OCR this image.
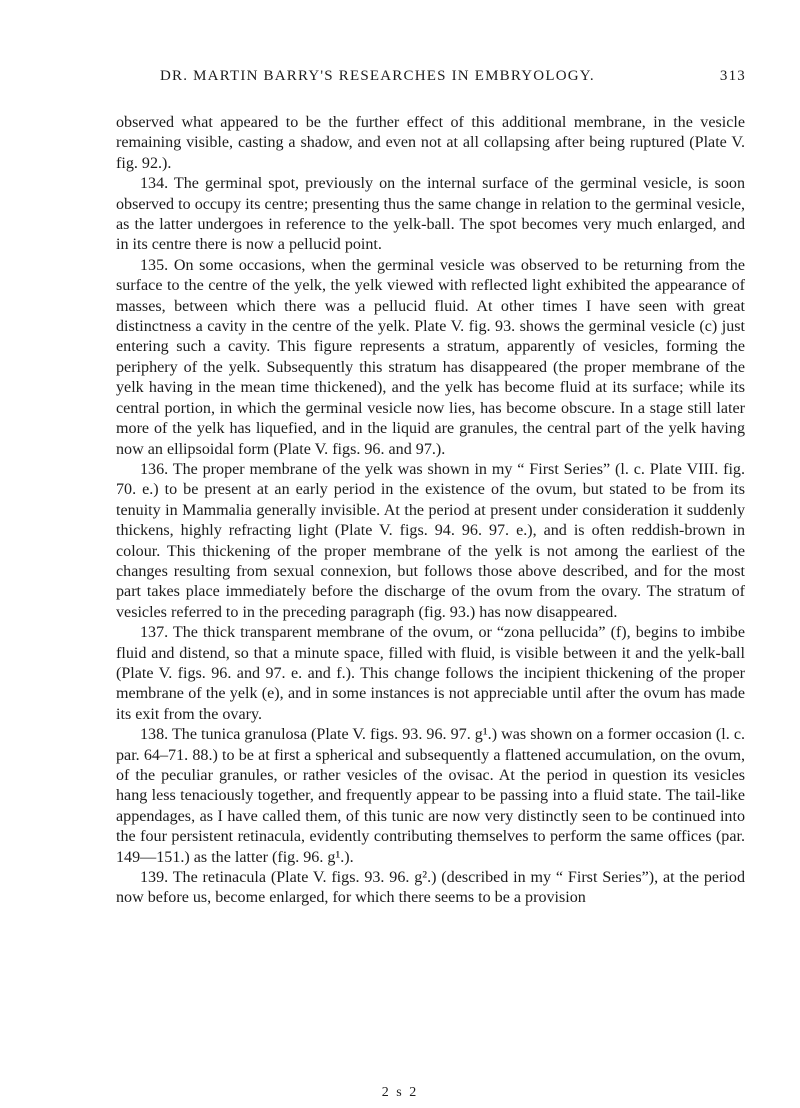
DR. MARTIN BARRY'S RESEARCHES IN EMBRYOLOGY.	313

observed what appeared to be the further effect of this additional membrane, in the vesicle remaining visible, casting a shadow, and even not at all collapsing after being ruptured (Plate V. fig. 92.).

134. The germinal spot, previously on the internal surface of the germinal vesicle, is soon observed to occupy its centre; presenting thus the same change in relation to the germinal vesicle, as the latter undergoes in reference to the yelk-ball. The spot becomes very much enlarged, and in its centre there is now a pellucid point.

135. On some occasions, when the germinal vesicle was observed to be returning from the surface to the centre of the yelk, the yelk viewed with reflected light exhibited the appearance of masses, between which there was a pellucid fluid. At other times I have seen with great distinctness a cavity in the centre of the yelk. Plate V. fig. 93. shows the germinal vesicle (c) just entering such a cavity. This figure represents a stratum, apparently of vesicles, forming the periphery of the yelk. Subsequently this stratum has disappeared (the proper membrane of the yelk having in the mean time thickened), and the yelk has become fluid at its surface; while its central portion, in which the germinal vesicle now lies, has become obscure. In a stage still later more of the yelk has liquefied, and in the liquid are granules, the central part of the yelk having now an ellipsoidal form (Plate V. figs. 96. and 97.).

136. The proper membrane of the yelk was shown in my “ First Series” (l. c. Plate VIII. fig. 70. e.) to be present at an early period in the existence of the ovum, but stated to be from its tenuity in Mammalia generally invisible. At the period at present under consideration it suddenly thickens, highly refracting light (Plate V. figs. 94. 96. 97. e.), and is often reddish-brown in colour. This thickening of the proper membrane of the yelk is not among the earliest of the changes resulting from sexual connexion, but follows those above described, and for the most part takes place immediately before the discharge of the ovum from the ovary. The stratum of vesicles referred to in the preceding paragraph (fig. 93.) has now disappeared.

137. The thick transparent membrane of the ovum, or “zona pellucida” (f), begins to imbibe fluid and distend, so that a minute space, filled with fluid, is visible between it and the yelk-ball (Plate V. figs. 96. and 97. e. and f.). This change follows the incipient thickening of the proper membrane of the yelk (e), and in some instances is not appreciable until after the ovum has made its exit from the ovary.

138. The tunica granulosa (Plate V. figs. 93. 96. 97. g¹.) was shown on a former occasion (l. c. par. 64–71. 88.) to be at first a spherical and subsequently a flattened accumulation, on the ovum, of the peculiar granules, or rather vesicles of the ovisac. At the period in question its vesicles hang less tenaciously together, and frequently appear to be passing into a fluid state. The tail-like appendages, as I have called them, of this tunic are now very distinctly seen to be continued into the four persistent retinacula, evidently contributing themselves to perform the same offices (par. 149—151.) as the latter (fig. 96. g¹.).

139. The retinacula (Plate V. figs. 93. 96. g².) (described in my “ First Series”), at the period now before us, become enlarged, for which there seems to be a provision

2 s 2
